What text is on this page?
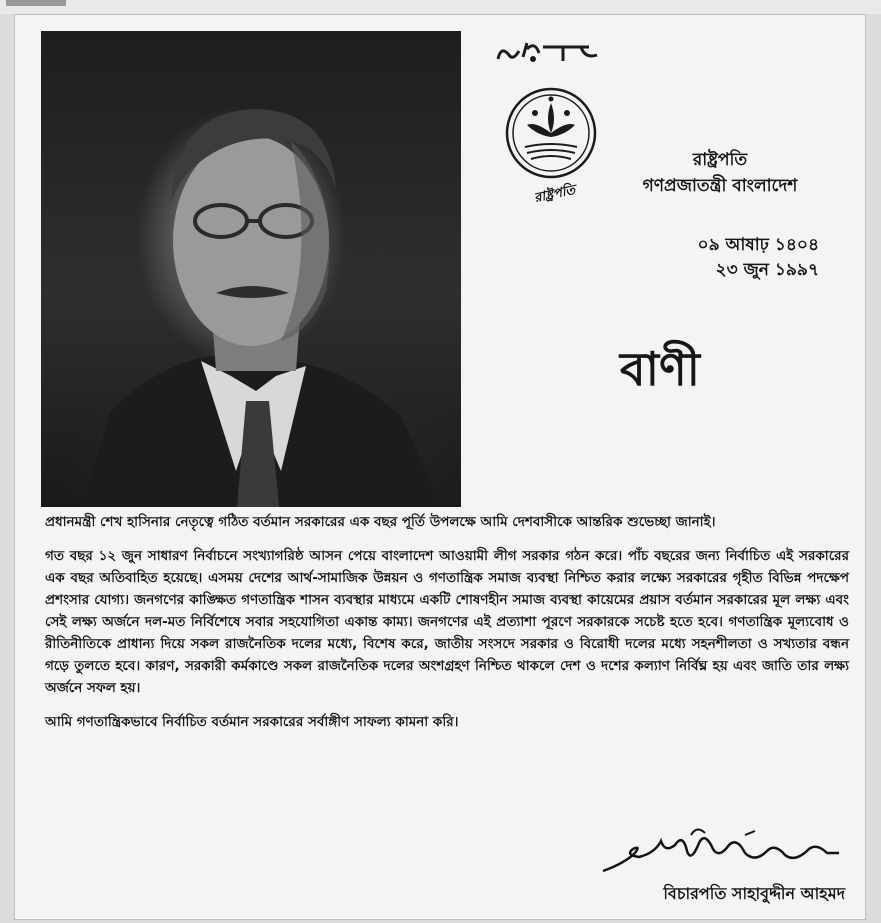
রাষ্ট্রপতি
রাষ্ট্রপতি
গণপ্রজাতন্ত্রী বাংলাদেশ
০৯ আষাঢ় ১৪০৪
২৩ জুন ১৯৯৭
বাণী

প্রধানমন্ত্রী শেখ হাসিনার নেতৃত্বে গঠিত বর্তমান সরকারের এক বছর পূর্তি উপলক্ষে আমি দেশবাসীকে আন্তরিক শুভেচ্ছা জানাই।

গত বছর ১২ জুন সাধারণ নির্বাচনে সংখ্যাগরিষ্ঠ আসন পেয়ে বাংলাদেশ আওয়ামী লীগ সরকার গঠন করে। পাঁচ বছরের জন্য নির্বাচিত এই সরকারের এক বছর অতিবাহিত হয়েছে। এসময় দেশের আর্থ-সামাজিক উন্নয়ন ও গণতান্ত্রিক সমাজ ব্যবস্থা নিশ্চিত করার লক্ষ্যে সরকারের গৃহীত বিভিন্ন পদক্ষেপ প্রশংসার যোগ্য। জনগণের কাঙ্ক্ষিত গণতান্ত্রিক শাসন ব্যবস্থার মাধ্যমে একটি শোষণহীন সমাজ ব্যবস্থা কায়েমের প্রয়াস বর্তমান সরকারের মূল লক্ষ্য এবং সেই লক্ষ্য অর্জনে দল-মত নির্বিশেষে সবার সহযোগিতা একান্ত কাম্য। জনগণের এই প্রত্যাশা পূরণে সরকারকে সচেষ্ট হতে হবে। গণতান্ত্রিক মূল্যবোধ ও রীতিনীতিকে প্রাধান্য দিয়ে সকল রাজনৈতিক দলের মধ্যে, বিশেষ করে, জাতীয় সংসদে সরকার ও বিরোধী দলের মধ্যে সহনশীলতা ও সখ্যতার বন্ধন গড়ে তুলতে হবে। কারণ, সরকারী কর্মকাণ্ডে সকল রাজনৈতিক দলের অংশগ্রহণ নিশ্চিত থাকলে দেশ ও দশের কল্যাণ নির্বিঘ্ন হয় এবং জাতি তার লক্ষ্য অর্জনে সফল হয়।

আমি গণতান্ত্রিকভাবে নির্বাচিত বর্তমান সরকারের সর্বাঙ্গীণ সাফল্য কামনা করি।

বিচারপতি সাহাবুদ্দীন আহমদ
